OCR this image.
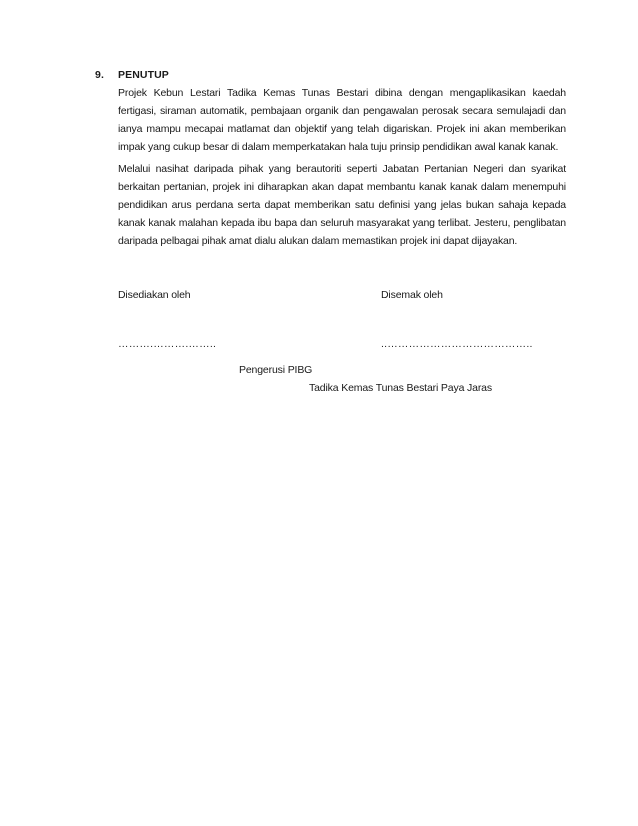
9. PENUTUP

Projek Kebun Lestari Tadika Kemas Tunas Bestari dibina dengan mengaplikasikan kaedah fertigasi, siraman automatik, pembajaan organik dan pengawalan perosak secara semulajadi dan ianya mampu mecapai matlamat dan objektif yang telah digariskan. Projek ini akan memberikan impak yang cukup besar di dalam memperkatakan hala tuju prinsip pendidikan awal kanak kanak.

Melalui nasihat daripada pihak yang berautoriti seperti Jabatan Pertanian Negeri dan syarikat berkaitan pertanian, projek ini diharapkan akan dapat membantu kanak kanak dalam menempuhi pendidikan arus perdana serta dapat memberikan satu definisi yang jelas bukan sahaja kepada kanak kanak malahan kepada ibu bapa dan seluruh masyarakat yang terlibat. Jesteru, penglibatan daripada pelbagai pihak amat dialu alukan dalam memastikan projek ini dapat dijayakan.

Disediakan oleh	Disemak oleh
……….……….……..	..…………………………………..
Pengerusi PIBG
Tadika Kemas Tunas Bestari Paya Jaras
